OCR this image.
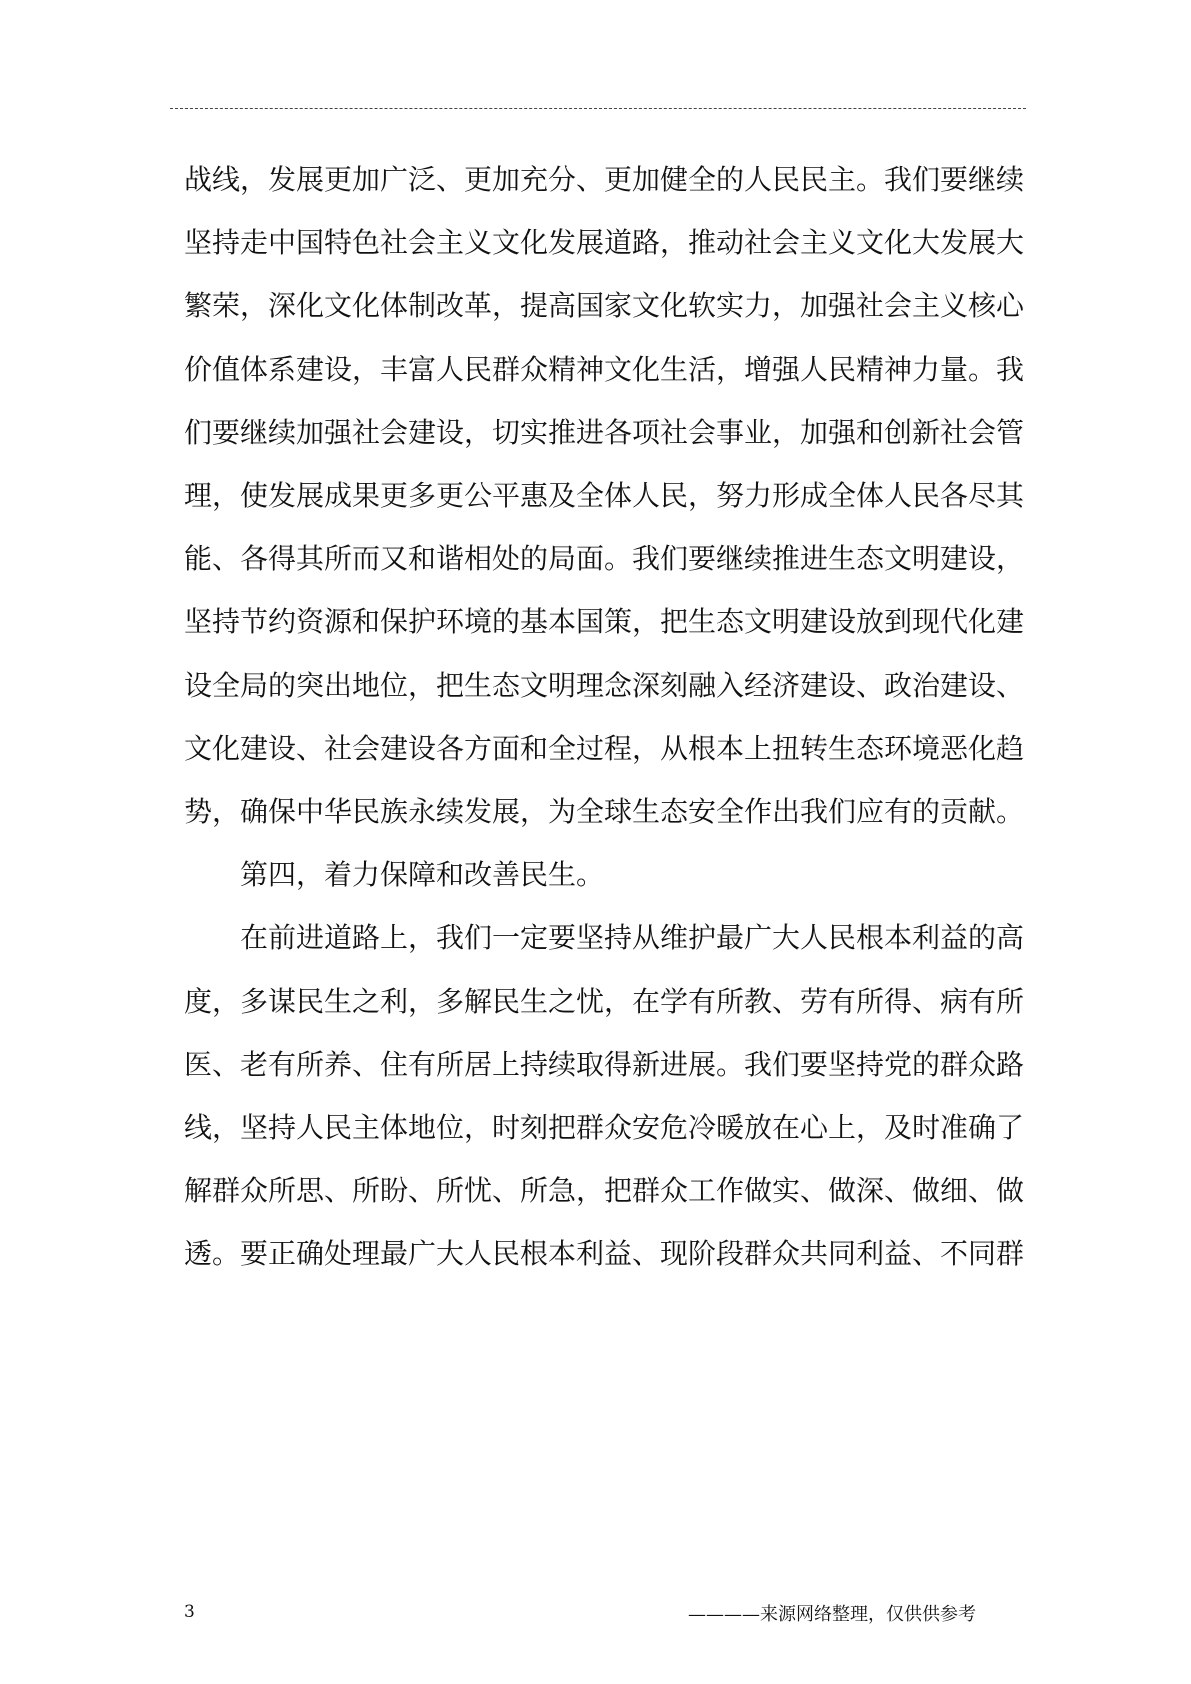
战线，发展更加广泛、更加充分、更加健全的人民民主。我们要继续坚持走中国特色社会主义文化发展道路，推动社会主义文化大发展大繁荣，深化文化体制改革，提高国家文化软实力，加强社会主义核心价值体系建设，丰富人民群众精神文化生活，增强人民精神力量。我们要继续加强社会建设，切实推进各项社会事业，加强和创新社会管理，使发展成果更多更公平惠及全体人民，努力形成全体人民各尽其能、各得其所而又和谐相处的局面。我们要继续推进生态文明建设，坚持节约资源和保护环境的基本国策，把生态文明建设放到现代化建设全局的突出地位，把生态文明理念深刻融入经济建设、政治建设、文化建设、社会建设各方面和全过程，从根本上扭转生态环境恶化趋势，确保中华民族永续发展，为全球生态安全作出我们应有的贡献。

第四，着力保障和改善民生。

在前进道路上，我们一定要坚持从维护最广大人民根本利益的高度，多谋民生之利，多解民生之忧，在学有所教、劳有所得、病有所医、老有所养、住有所居上持续取得新进展。我们要坚持党的群众路线，坚持人民主体地位，时刻把群众安危冷暖放在心上，及时准确了解群众所思、所盼、所忧、所急，把群众工作做实、做深、做细、做透。要正确处理最广大人民根本利益、现阶段群众共同利益、不同群

3	————来源网络整理，仅供供参考
